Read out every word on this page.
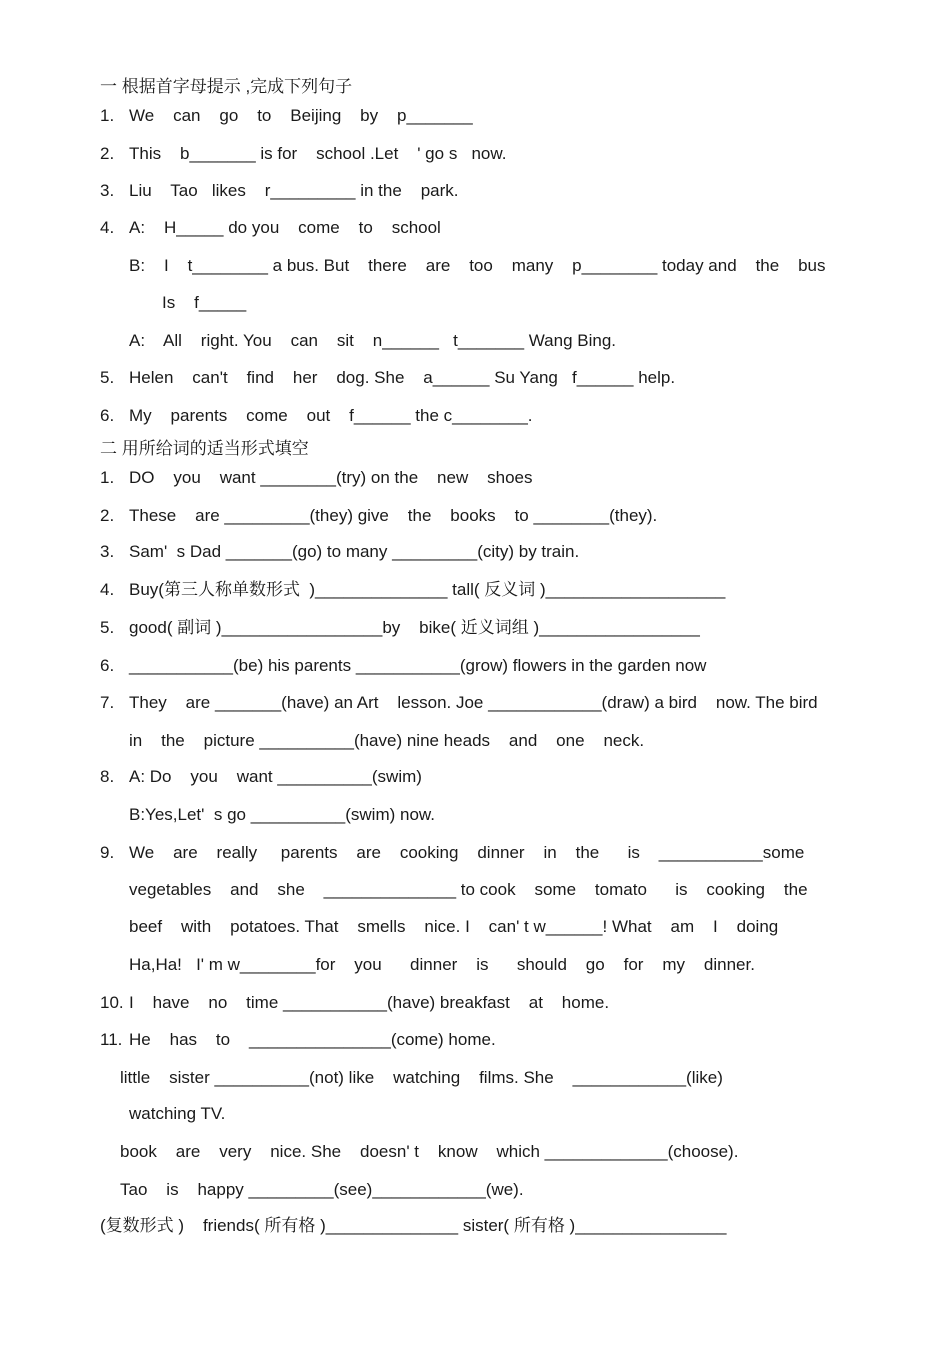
一 根据首字母提示 ,完成下列句子
1. We    can    go    to    Beijing    by    p_______
2. This    b_______ is for    school .Let    ' go s   now.
3. Liu    Tao   likes    r_________ in the    park.
4. A:    H_____ do you    come    to    school
B:    I    t________ a bus. But    there    are    too    many    p________ today and    the    bus
Is    f_____
A:    All    right. You    can    sit    n______   t_______ Wang Bing.
5. Helen    can't    find    her    dog. She    a______ Su Yang   f______ help.
6. My    parents    come    out    f______ the c________.
二 用所给词的适当形式填空
1. DO    you    want ________(try) on the    new    shoes
2. These    are _________(they) give    the    books    to ________(they).
3. Sam'  s Dad _______(go) to many _________(city) by train.
4. Buy(第三人称单数形式  )______________ tall( 反义词 )___________________
5. good( 副词 )_________________by    bike( 近义词组 )_________________
6. ___________(be) his parents ___________(grow) flowers in the garden now
7. They    are _______(have) an Art    lesson. Joe ____________(draw) a bird    now. The bird
in    the    picture __________(have) nine heads    and    one    neck.
8. A: Do    you    want __________(swim)
B:Yes,Let'  s go __________(swim) now.
9. We    are    really     parents    are    cooking    dinner    in    the      is    ___________some
vegetables    and    she    ______________ to cook    some    tomato      is    cooking    the
beef    with    potatoes. That    smells    nice. I    can' t w______! What    am    I    doing
Ha,Ha!   I' m w________for    you      dinner    is      should    go    for    my    dinner.
10. I    have    no    time ___________(have) breakfast    at    home.
11. He    has    to    _______________(come) home.
little    sister __________(not) like    watching    films. She    ____________(like)
watching TV.
book    are    very    nice. She    doesn' t    know    which _____________(choose).
Tao    is    happy _________(see)____________(we).
(复数形式 )    friends( 所有格 )______________ sister( 所有格 )________________
